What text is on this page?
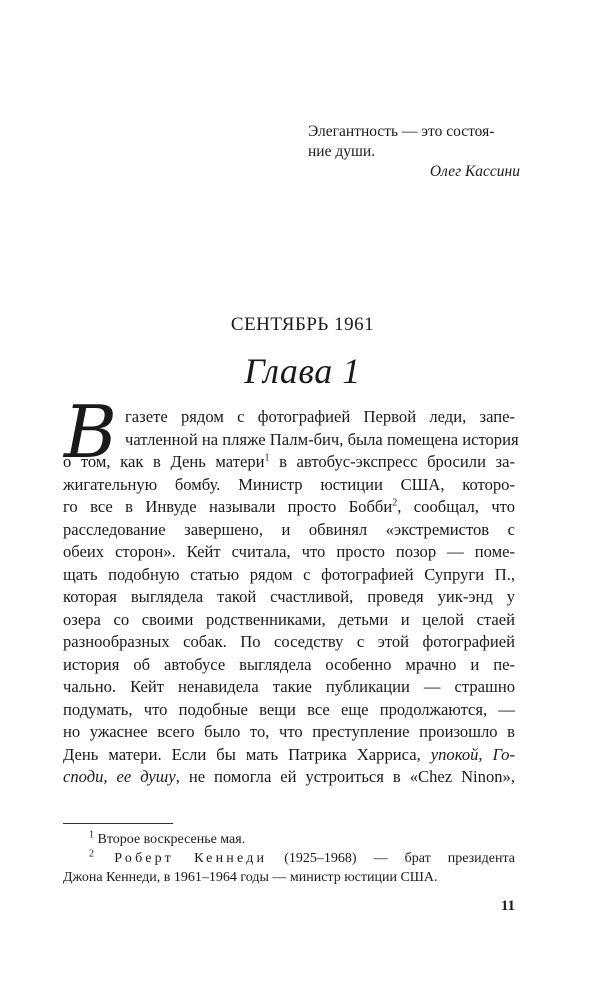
Элегантность — это состоя-
ние души.
Олег Кассини
СЕНТЯБРЬ 1961
Глава 1
В газете рядом с фотографией Первой леди, запе-
чатленной на пляже Палм-бич, была помещена история
о том, как в День матери$^1$ в автобус-экспресс бросили за-
жигательную бомбу. Министр юстиции США, которо-
го все в Инвуде называли просто Бобби$^2$, сообщал, что
расследование завершено, и обвинял «экстремистов с
обеих сторон». Кейт считала, что просто позор — поме-
щать подобную статью рядом с фотографией Супруги П.,
которая выглядела такой счастливой, проведя уик-энд у
озера со своими родственниками, детьми и целой стаей
разнообразных собак. По соседству с этой фотографией
история об автобусе выглядела особенно мрачно и пе-
чально. Кейт ненавидела такие публикации — страшно
подумать, что подобные вещи все еще продолжаются, —
но ужаснее всего было то, что преступление произошло в
День матери. Если бы мать Патрика Харриса, упокой, Го-
споди, ее душу, не помогла ей устроиться в «Chez Ninon»,
$^1$ Второе воскресенье мая.
$^2$ Роберт Кеннеди (1925–1968) — брат президента
Джона Кеннеди, в 1961–1964 годы — министр юстиции США.
11
